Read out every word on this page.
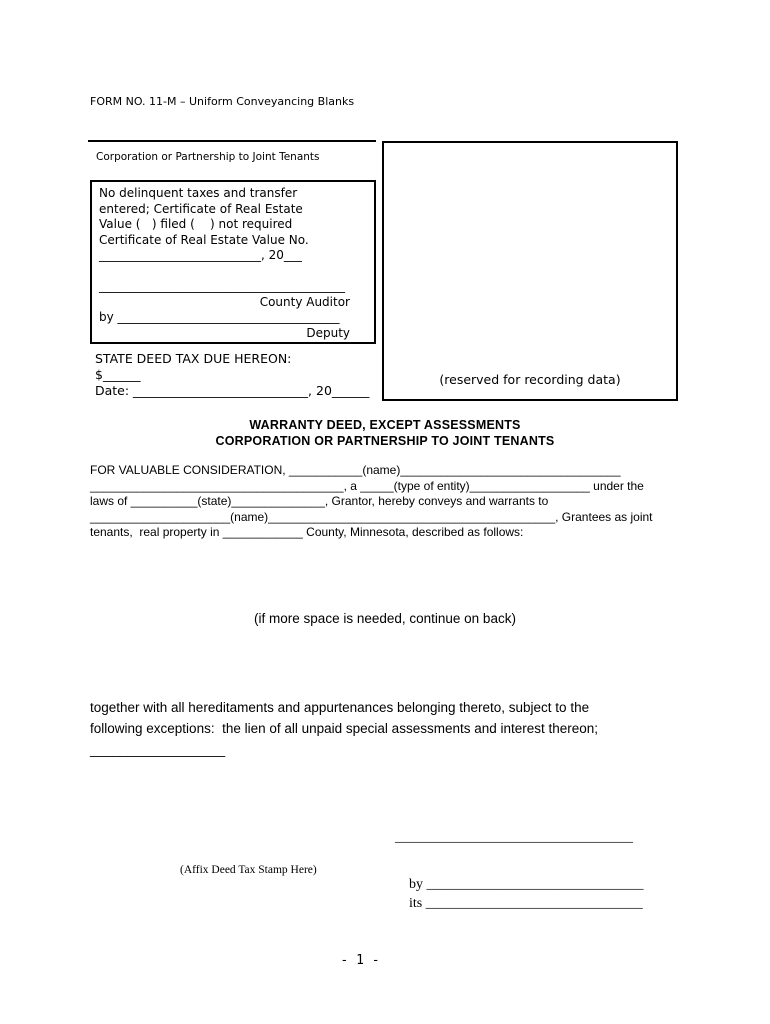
FORM NO. 11-M – Uniform Conveyancing Blanks
Corporation or Partnership to Joint Tenants
No delinquent taxes and transfer
entered; Certificate of Real Estate
Value (   ) filed (    ) not required
Certificate of Real Estate Value No.
___________________________, 20___
_________________________________________
County Auditor
by _____________________________________
Deputy
STATE DEED TAX DUE HEREON:
$______
Date: ____________________________, 20______
(reserved for recording data)
WARRANTY DEED, EXCEPT ASSESSMENTS
CORPORATION OR PARTNERSHIP TO JOINT TENANTS
FOR VALUABLE CONSIDERATION, ___________(name)_________________________________
______________________________________, a _____(type of entity)__________________ under the
laws of __________(state)______________, Grantor, hereby conveys and warrants to
_____________________(name)___________________________________________, Grantees as joint
tenants,  real property in ____________ County, Minnesota, described as follows:
(if more space is needed, continue on back)
together with all hereditaments and appurtenances belonging thereto, subject to the
following exceptions:  the lien of all unpaid special assessments and interest thereon;
__________________
(Affix Deed Tax Stamp Here)
__________________________________

by _______________________________

its _______________________________

- 1 -
